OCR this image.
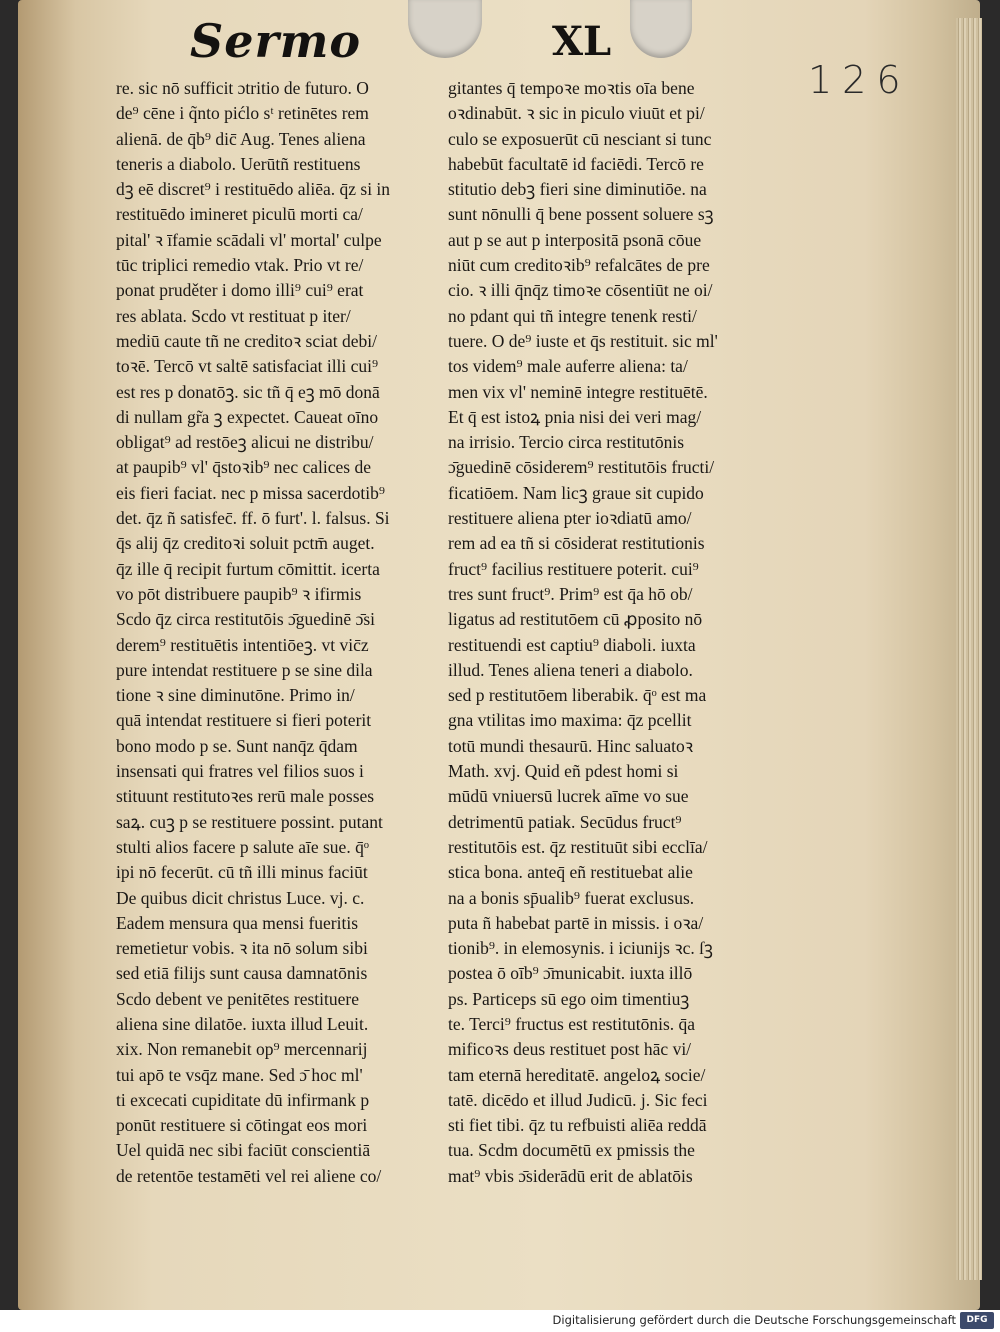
Sermo	XL
126
re. sic nō sufficit ɔtritio de futuro. O
de⁹ cēne i q̃nto pićlo sᵗ retinētes rem
alienā. de q̄b⁹ dic̄ Aug. Tenes aliena
teneris a diabolo. Uerūtñ restituens
dꝫ eē discret⁹ i restituēdo aliēa. q̄z si in
restituēdo imineret piculū morti ca/
pital' ꝛ īfamie scādali vl' mortal' culpe
tūc triplici remedio vtak. Prio vt re/
ponat pruděter i domo illi⁹ cui⁹ erat
res ablata. Scdo vt restituat p iter/
mediū caute tñ ne creditoꝛ sciat debi/
toꝛē. Tercō vt saltē satisfaciat illi cui⁹
est res p donatōꝫ. sic tñ q̄ eꝫ mō donā
di nullam gr̃a ꝫ expectet. Caueat oīno
obligat⁹ ad restōeꝫ alicui ne distribu/
at paupib⁹ vl' q̄stoꝛib⁹ nec calices de
eis fieri faciat. nec p missa sacerdotib⁹
det. q̄z ñ satisfec̄. ff. ō furt'. l. falsus. Si
q̄s alij q̄z creditoꝛi soluit pctm̄ auget.
q̄z ille q̄ recipit furtum cōmittit. icerta
vo pōt distribuere paupib⁹ ꝛ ifirmis
Scdo q̄z circa restitutōis ɔ̄guedinē ɔ̄si
derem⁹ restituētis intentiōeꝫ. vt vic̄z
pure intendat restituere p se sine dila
tione ꝛ sine diminutōne. Primo in/
quā intendat restituere si fieri poterit
bono modo p se. Sunt nanq̄z q̄dam
insensati qui fratres vel filios suos i
stituunt restitutoꝛes rerū male posses
saꝝ. cuꝫ p se restituere possint. putant
stulti alios facere p salute aīe sue. q̄ᵒ
ipi nō fecerūt. cū tñ illi minus faciūt
De quibus dicit christus Luce. vj. c.
Eadem mensura qua mensi fueritis
remetietur vobis. ꝛ ita nō solum sibi
sed etiā filijs sunt causa damnatōnis
Scdo debent ve penitētes restituere
aliena sine dilatōe. iuxta illud Leuit.
xix. Non remanebit op⁹ mercennarij
tui apō te vsq̄z mane. Sed ɔ̄ hoc ml'
ti excecati cupiditate dū infirmank p
ponūt restituere si cōtingat eos mori
Uel quidā nec sibi faciūt conscientiā
de retentōe testamēti vel rei aliene co/
gitantes q̄ tempoꝛe moꝛtis oīa bene
oꝛdinabūt. ꝛ sic in piculo viuūt et pi/
culo se exposuerūt cū nesciant si tunc
habebūt facultatē id faciēdi. Tercō re
stitutio debꝫ fieri sine diminutiōe. na
sunt nōnulli q̄ bene possent soluere sꝫ
aut p se aut p interpositā psonā cōue
niūt cum creditoꝛib⁹ refalcātes de pre
cio. ꝛ illi q̄nq̄z timoꝛe cōsentiūt ne oi/
no pdant qui tñ integre tenenk resti/
tuere. O de⁹ iuste et q̄s restituit. sic ml'
tos videm⁹ male auferre aliena: ta/
men vix vl' neminē integre restituētē.
Et q̄ est istoꝝ pnia nisi dei veri mag/
na irrisio. Tercio circa restitutōnis
ɔ̄guedinē cōsiderem⁹ restitutōis fructi/
ficatiōem. Nam licꝫ graue sit cupido
restituere aliena pter ioꝛdiatū amo/
rem ad ea tñ si cōsiderat restitutionis
fruct⁹ facilius restituere poterit. cui⁹
tres sunt fruct⁹. Prim⁹ est q̄a hō ob/
ligatus ad restitutōem cū ꝓposito nō
restituendi est captiu⁹ diaboli. iuxta
illud. Tenes aliena teneri a diabolo.
sed p restitutōem liberabik. q̄ᵒ est ma
gna vtilitas imo maxima: q̄z pcellit
totū mundi thesaurū. Hinc saluatoꝛ
Math. xvj. Quid eñ pdest homi si
mūdū vniuersū lucrek aīme vo sue
detrimentū patiak. Secūdus fruct⁹
restitutōis est. q̄z restituūt sibi ecclīa/
stica bona. anteq̄ eñ restituebat alie
na a bonis sp̄ualib⁹ fuerat exclusus.
puta ñ habebat partē in missis. i oꝛa/
tionib⁹. in elemosynis. i iciunijs ꝛc. ſꝫ
postea ō oīb⁹ ɔ̄municabit. iuxta illō
ps. Particeps sū ego oim timentiuꝫ
te. Terci⁹ fructus est restitutōnis. q̄a
mificoꝛs deus restituet post hāc vi/
tam eternā hereditatē. angeloꝝ socie/
tatē. dicēdo et illud Judicū. j. Sic feci
sti fiet tibi. q̄z tu refbuisti aliēa reddā
tua. Scdm documētū ex pmissis the
mat⁹ vbis ɔ̄siderādū erit de ablatōis
Digitalisierung gefördert durch die Deutsche Forschungsgemeinschaft	DFG
